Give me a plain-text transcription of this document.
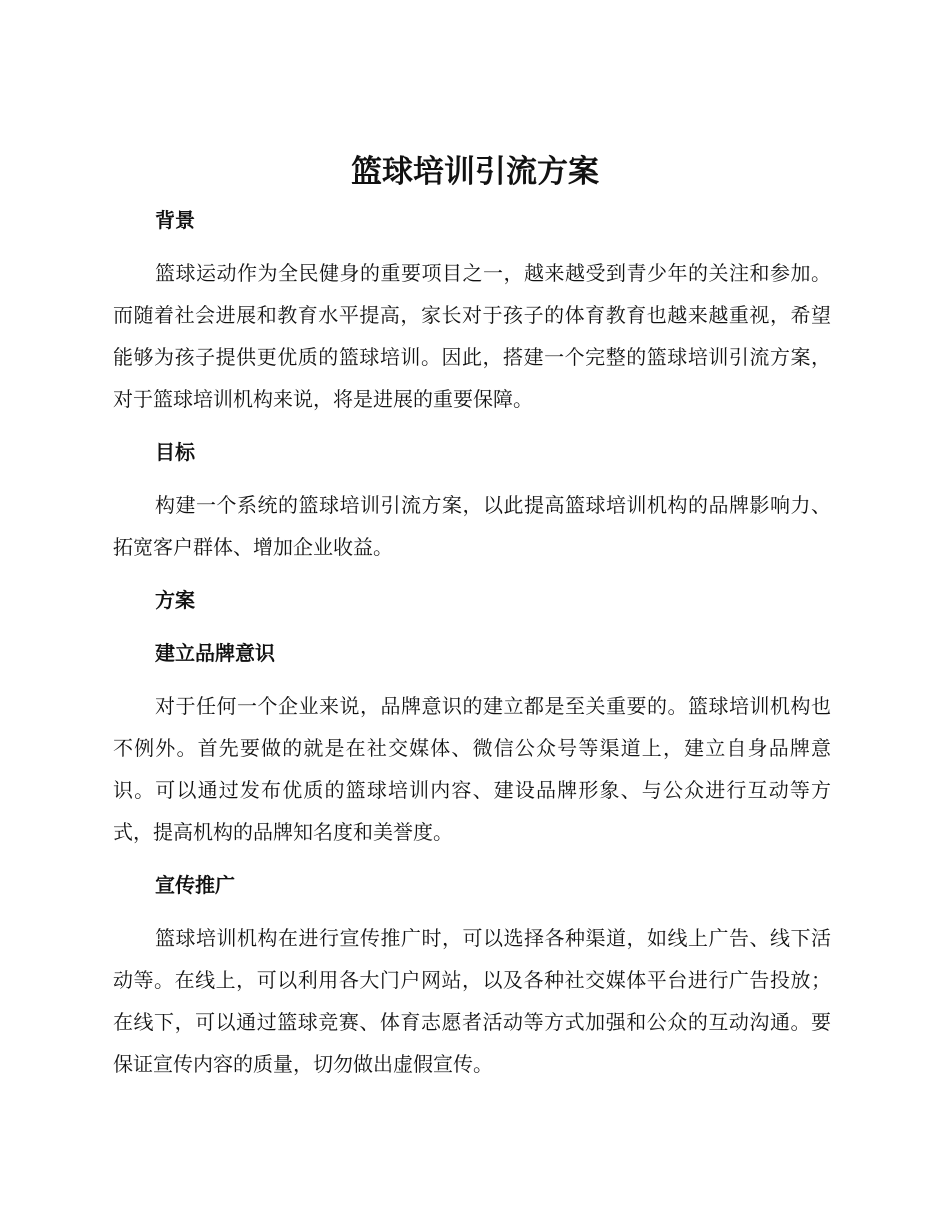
篮球培训引流方案
背景

篮球运动作为全民健身的重要项目之一，越来越受到青少年的关注和参加。而随着社会进展和教育水平提高，家长对于孩子的体育教育也越来越重视，希望能够为孩子提供更优质的篮球培训。因此，搭建一个完整的篮球培训引流方案，对于篮球培训机构来说，将是进展的重要保障。

目标

构建一个系统的篮球培训引流方案，以此提高篮球培训机构的品牌影响力、拓宽客户群体、增加企业收益。

方案
建立品牌意识

对于任何一个企业来说，品牌意识的建立都是至关重要的。篮球培训机构也不例外。首先要做的就是在社交媒体、微信公众号等渠道上，建立自身品牌意识。可以通过发布优质的篮球培训内容、建设品牌形象、与公众进行互动等方式，提高机构的品牌知名度和美誉度。

宣传推广

篮球培训机构在进行宣传推广时，可以选择各种渠道，如线上广告、线下活动等。在线上，可以利用各大门户网站，以及各种社交媒体平台进行广告投放；在线下，可以通过篮球竞赛、体育志愿者活动等方式加强和公众的互动沟通。要保证宣传内容的质量，切勿做出虚假宣传。
